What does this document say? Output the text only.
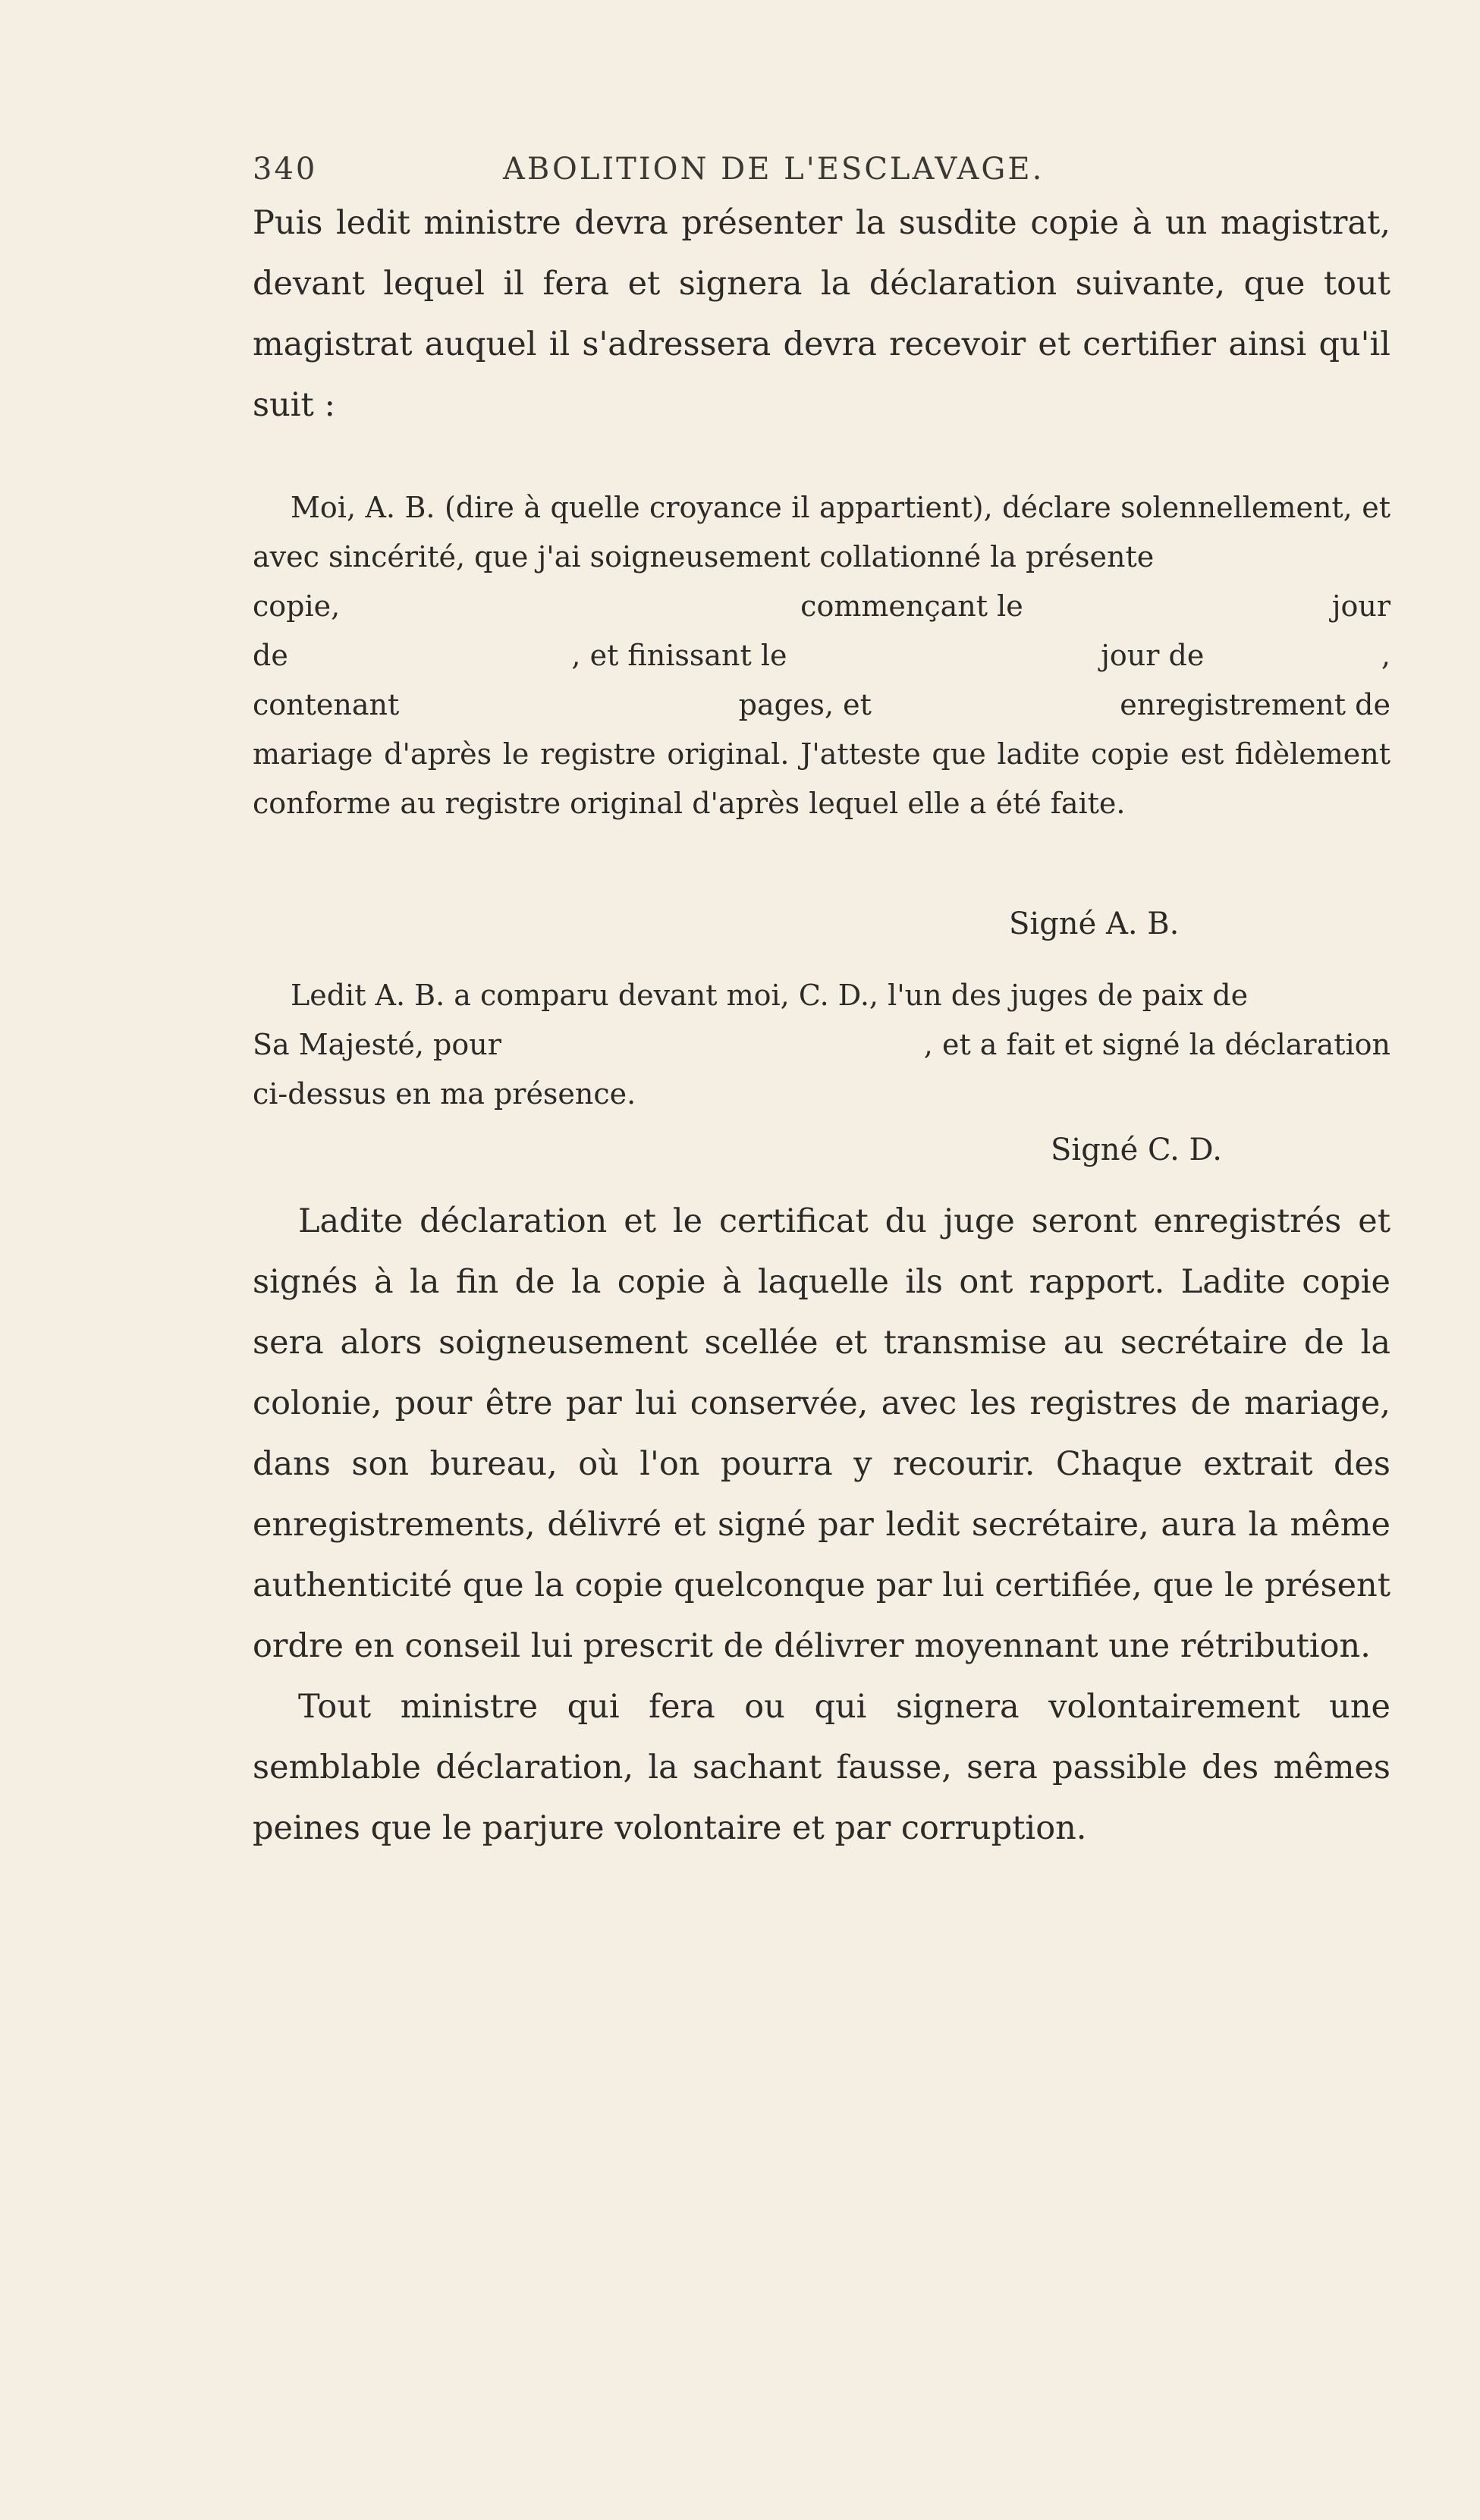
340	ABOLITION DE L'ESCLAVAGE.

Puis ledit ministre devra présenter la susdite copie à un magistrat, devant lequel il fera et signera la déclaration suivante, que tout magistrat auquel il s'adressera devra recevoir et certifier ainsi qu'il suit :

Moi, A. B. (dire à quelle croyance il appartient), déclare solennellement, et avec sincérité, que j'ai soigneusement collationné la présente

copie,	commençant le	jour
de	, et finissant le	jour de	,
contenant	pages, et	enregistrement de

mariage d'après le registre original. J'atteste que ladite copie est fidèlement conforme au registre original d'après lequel elle a été faite.

Signé A. B.

Ledit A. B. a comparu devant moi, C. D., l'un des juges de paix de

Sa Majesté, pour	, et a fait et signé la déclaration

ci-dessus en ma présence.

Signé C. D.

Ladite déclaration et le certificat du juge seront enregistrés et signés à la fin de la copie à laquelle ils ont rapport. Ladite copie sera alors soigneusement scellée et transmise au secrétaire de la colonie, pour être par lui conservée, avec les registres de mariage, dans son bureau, où l'on pourra y recourir. Chaque extrait des enregistrements, délivré et signé par ledit secrétaire, aura la même authenticité que la copie quelconque par lui certifiée, que le présent ordre en conseil lui prescrit de délivrer moyennant une rétribution.

Tout ministre qui fera ou qui signera volontairement une semblable déclaration, la sachant fausse, sera passible des mêmes peines que le parjure volontaire et par corruption.
